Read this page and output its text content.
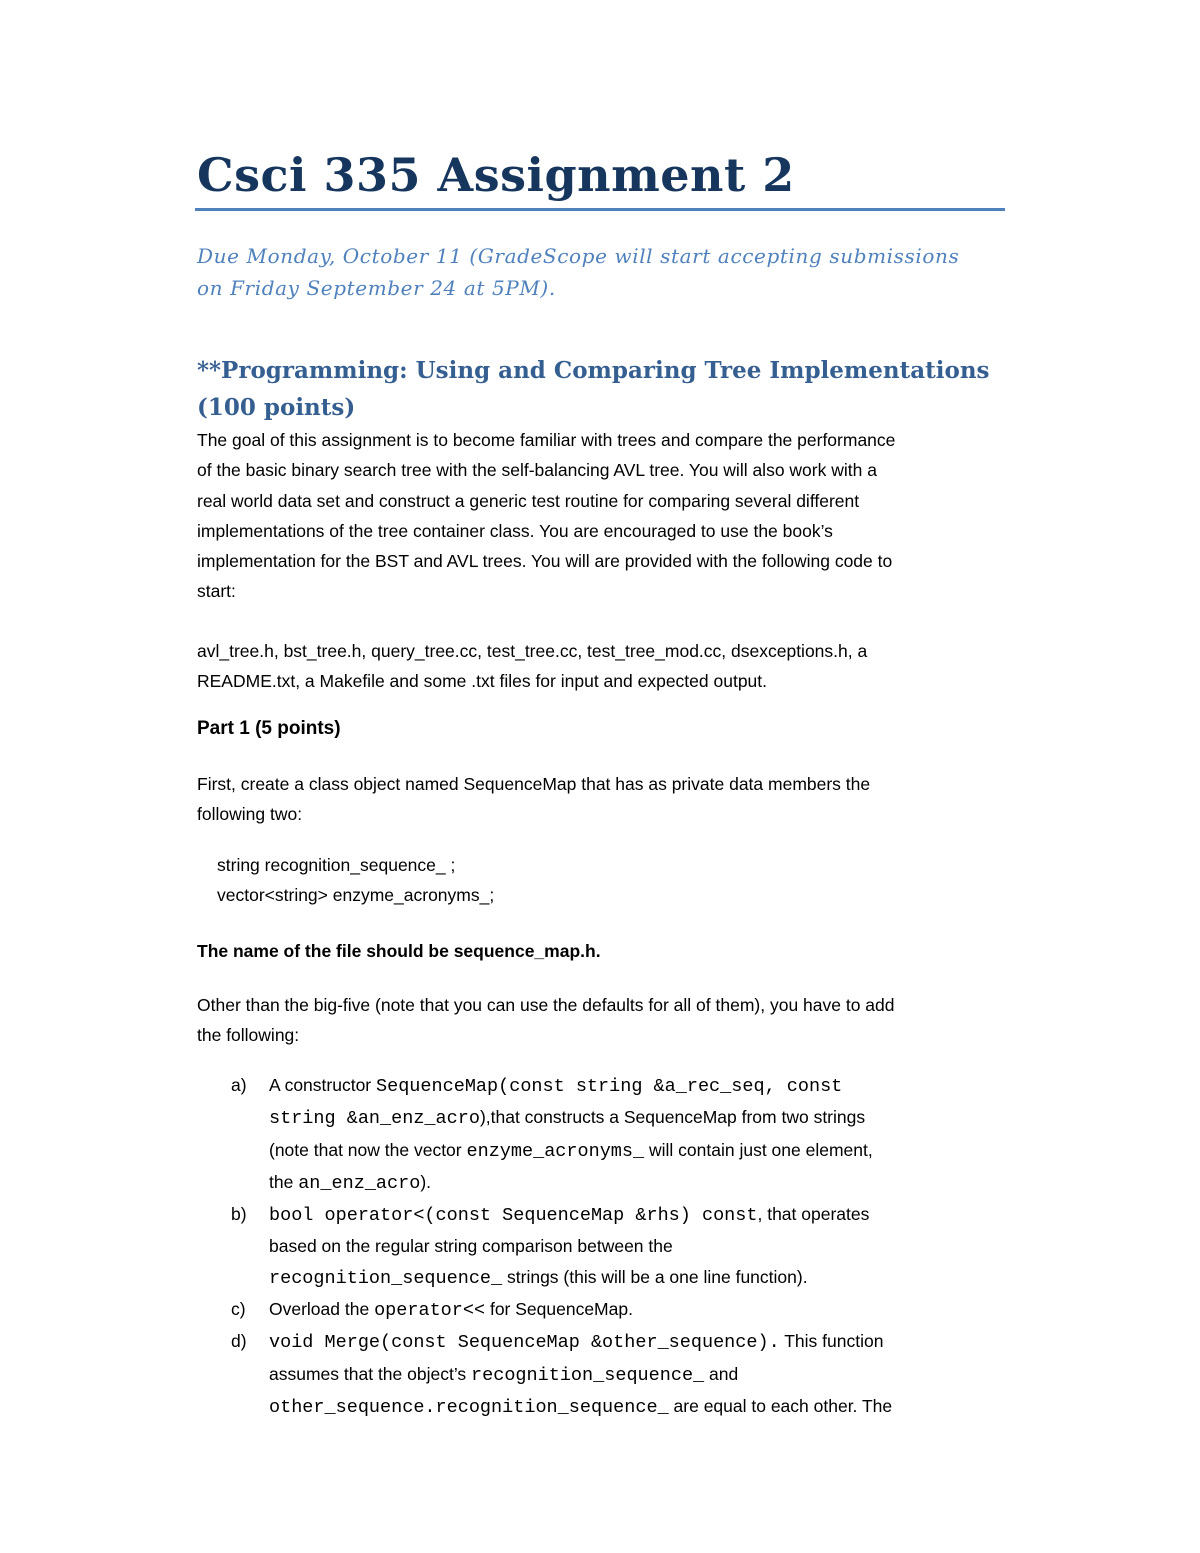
Csci 335 Assignment 2
Due Monday, October 11 (GradeScope will start accepting submissions
on Friday September 24 at 5PM).
**Programming: Using and Comparing Tree Implementations
(100 points)
The goal of this assignment is to become familiar with trees and compare the performance
of the basic binary search tree with the self-balancing AVL tree. You will also work with a
real world data set and construct a generic test routine for comparing several different
implementations of the tree container class. You are encouraged to use the book’s
implementation for the BST and AVL trees. You will are provided with the following code to
start:
avl_tree.h, bst_tree.h, query_tree.cc, test_tree.cc, test_tree_mod.cc, dsexceptions.h, a
README.txt, a Makefile and some .txt files for input and expected output.
Part 1 (5 points)
First, create a class object named SequenceMap that has as private data members the
following two:
string recognition_sequence_ ;
vector<string> enzyme_acronyms_;

The name of the file should be sequence_map.h.

Other than the big-five (note that you can use the defaults for all of them), you have to add
the following:
a) A constructor SequenceMap(const string &a_rec_seq, const
string &an_enz_acro),that constructs a SequenceMap from two strings
(note that now the vector enzyme_acronyms_ will contain just one element,
the an_enz_acro).
b) bool operator<(const SequenceMap &rhs) const, that operates
based on the regular string comparison between the
recognition_sequence_ strings (this will be a one line function).
c) Overload the operator<< for SequenceMap.
d) void Merge(const SequenceMap &other_sequence). This function
assumes that the object’s recognition_sequence_ and
other_sequence.recognition_sequence_ are equal to each other. The
